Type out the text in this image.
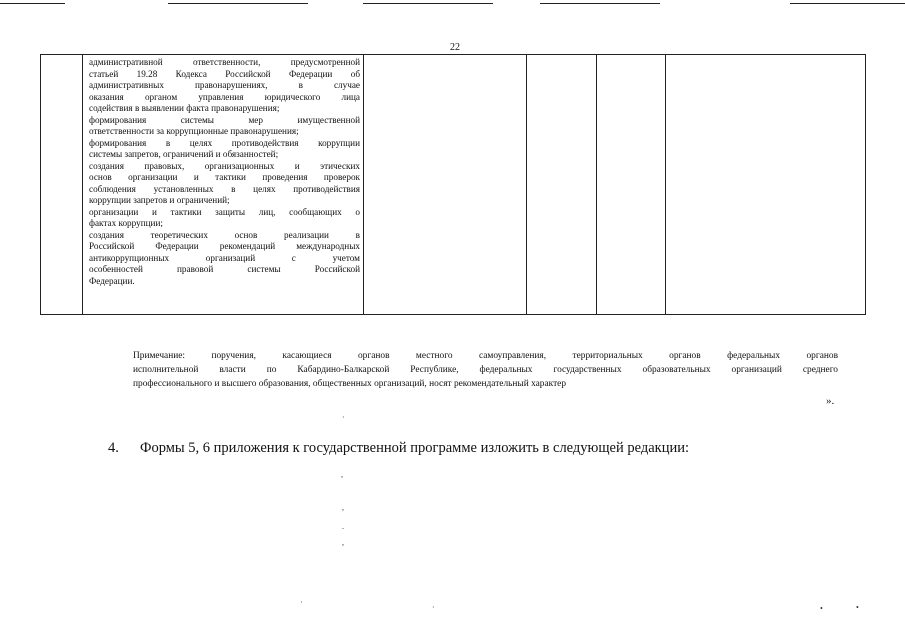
22
административной ответственности, предусмотренной
статьей 19.28 Кодекса Российской Федерации об
административных правонарушениях, в случае
оказания органом управления юридического лица
содействия в выявлении факта правонарушения;
формирования системы мер имущественной
ответственности за коррупционные правонарушения;
формирования в целях противодействия коррупции
системы запретов, ограничений и обязанностей;
создания правовых, организационных и этических
основ организации и тактики проведения проверок
соблюдения установленных в целях противодействия
коррупции запретов и ограничений;
организации и тактики защиты лиц, сообщающих о
фактах коррупции;
создания теоретических основ реализации в
Российской Федерации рекомендаций международных
антикоррупционных организаций с учетом
особенностей правовой системы Российской
Федерации.
Примечание: поручения, касающиеся органов местного самоуправления, территориальных органов федеральных органов
исполнительной власти по Кабардино-Балкарской Республике, федеральных государственных образовательных организаций среднего
профессионального и высшего образования, общественных организаций, носят рекомендательный характер
».
4. Формы 5, 6 приложения к государственной программе изложить в следующей редакции:
·
,
,
.
,
·
·	•	•
